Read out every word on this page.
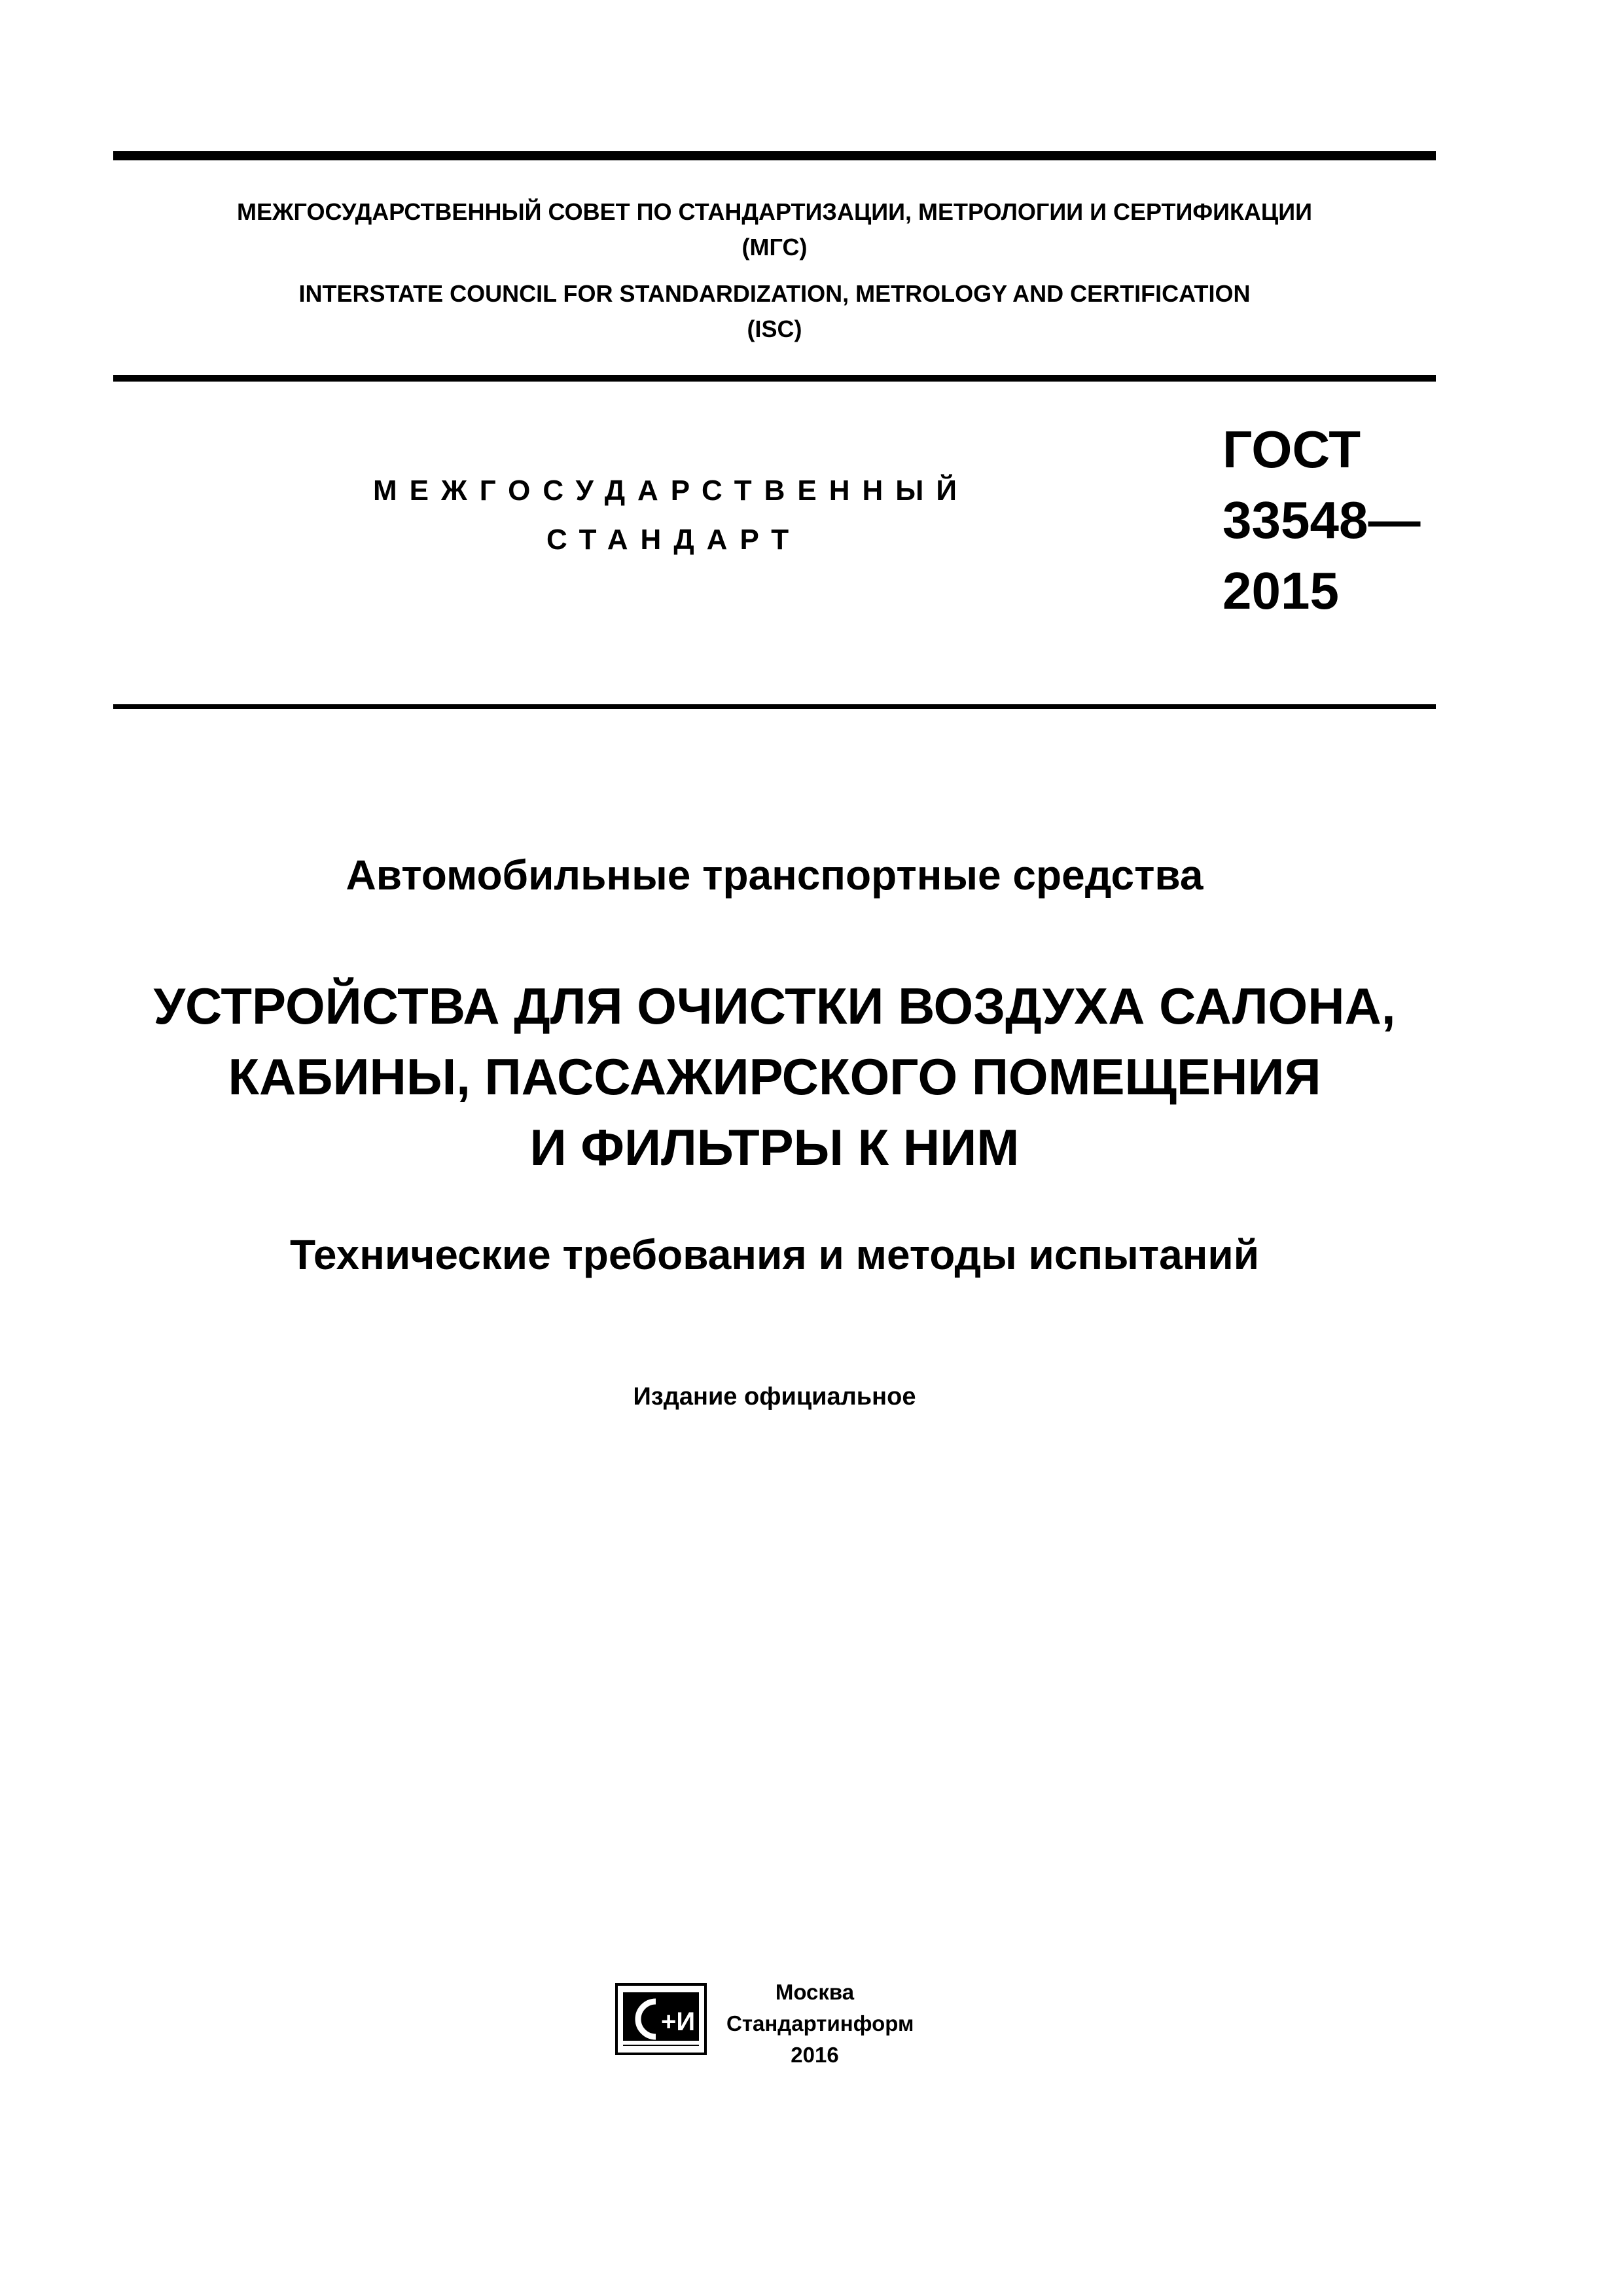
МЕЖГОСУДАРСТВЕННЫЙ СОВЕТ ПО СТАНДАРТИЗАЦИИ, МЕТРОЛОГИИ И СЕРТИФИКАЦИИ
(МГС)
INTERSTATE COUNCIL FOR STANDARDIZATION, METROLOGY AND CERTIFICATION
(ISC)
МЕЖГОСУДАРСТВЕННЫЙ
СТАНДАРТ
ГОСТ
33548—
2015
Автомобильные транспортные средства
УСТРОЙСТВА ДЛЯ ОЧИСТКИ ВОЗДУХА САЛОНА,
КАБИНЫ, ПАССАЖИРСКОГО ПОМЕЩЕНИЯ
И ФИЛЬТРЫ К НИМ
Технические требования и методы испытаний
Издание официальное
+И
Москва
Стандартинформ
2016
